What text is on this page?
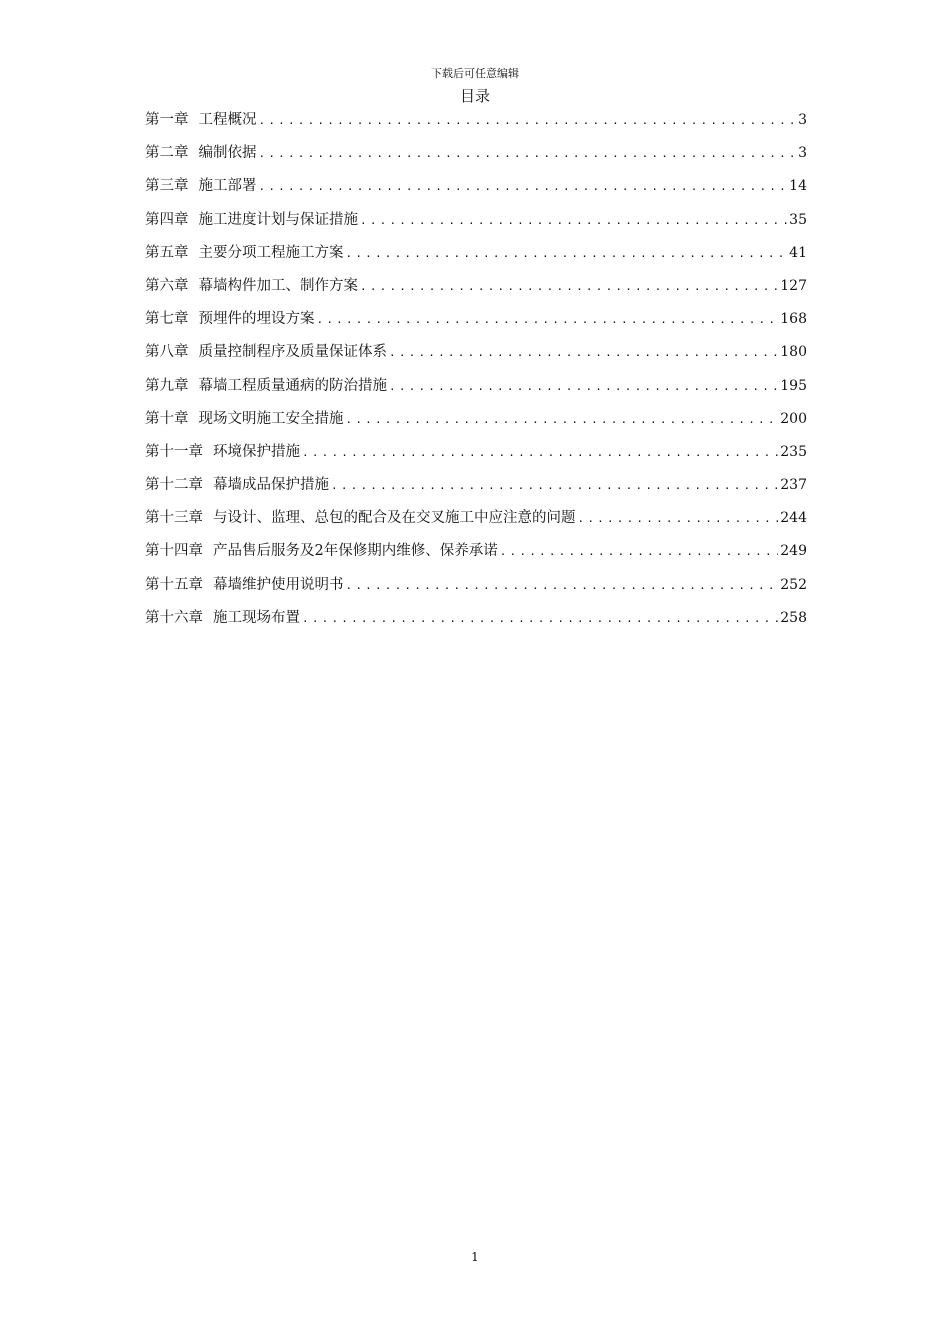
下载后可任意编辑
目录
第一章 工程概况 .....	3
第二章 编制依据 .....	3
第三章 施工部署 .....	14
第四章 施工进度计划与保证措施 .....	35
第五章 主要分项工程施工方案 .....	41
第六章 幕墙构件加工、制作方案 .....	127
第七章 预埋件的埋设方案 .....	168
第八章 质量控制程序及质量保证体系 .....	180
第九章 幕墙工程质量通病的防治措施 .....	195
第十章 现场文明施工安全措施 .....	200
第十一章 环境保护措施 .....	235
第十二章 幕墙成品保护措施 .....	237
第十三章 与设计、监理、总包的配合及在交叉施工中应注意的问题 .....	244
第十四章 产品售后服务及2年保修期内维修、保养承诺 .....	249
第十五章 幕墙维护使用说明书 .....	252
第十六章 施工现场布置 .....	258
1
